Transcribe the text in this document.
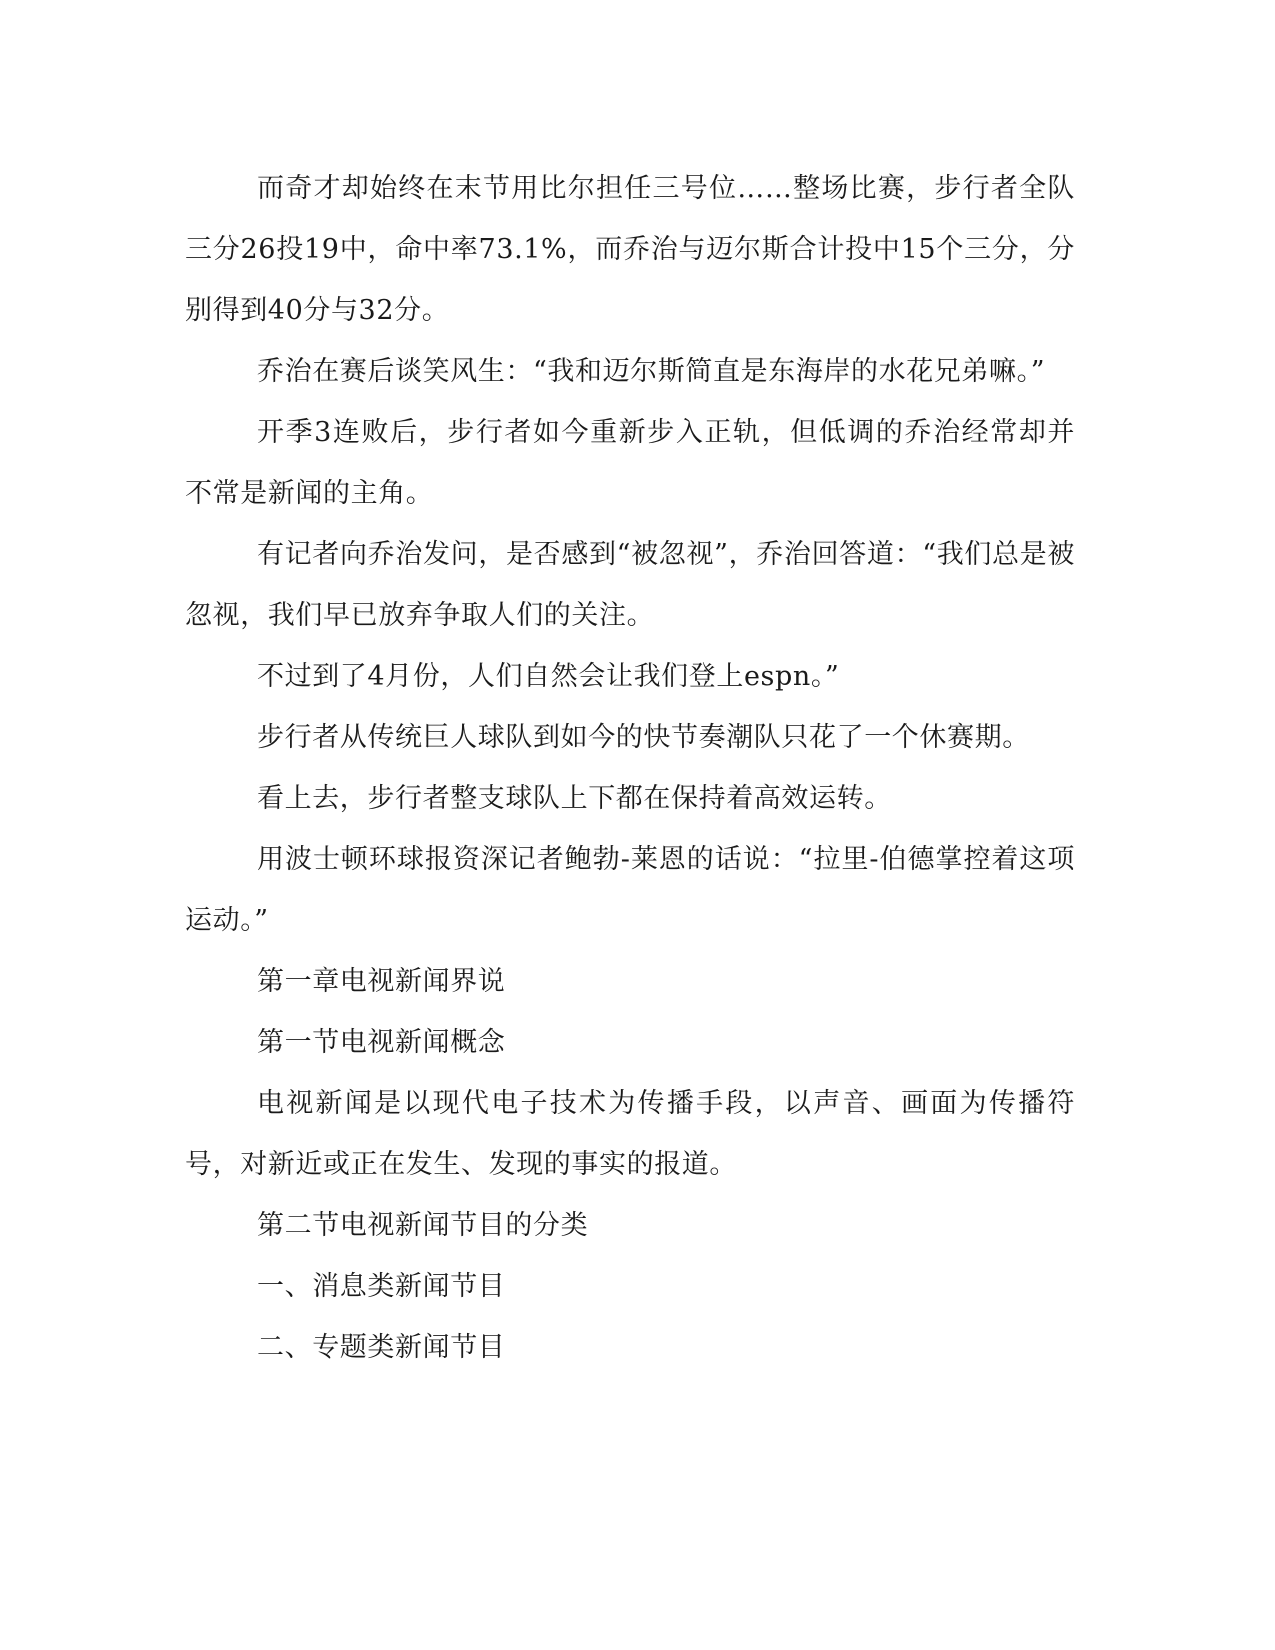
而奇才却始终在末节用比尔担任三号位……整场比赛，步行者全队三分26投19中，命中率73.1%，而乔治与迈尔斯合计投中15个三分，分别得到40分与32分。

乔治在赛后谈笑风生：“我和迈尔斯简直是东海岸的水花兄弟嘛。”

开季3连败后，步行者如今重新步入正轨，但低调的乔治经常却并不常是新闻的主角。

有记者向乔治发问，是否感到“被忽视”，乔治回答道：“我们总是被忽视，我们早已放弃争取人们的关注。

不过到了4月份，人们自然会让我们登上espn。”

步行者从传统巨人球队到如今的快节奏潮队只花了一个休赛期。

看上去，步行者整支球队上下都在保持着高效运转。

用波士顿环球报资深记者鲍勃-莱恩的话说：“拉里-伯德掌控着这项运动。”

第一章电视新闻界说

第一节电视新闻概念

电视新闻是以现代电子技术为传播手段，以声音、画面为传播符号，对新近或正在发生、发现的事实的报道。

第二节电视新闻节目的分类

一、消息类新闻节目

二、专题类新闻节目
